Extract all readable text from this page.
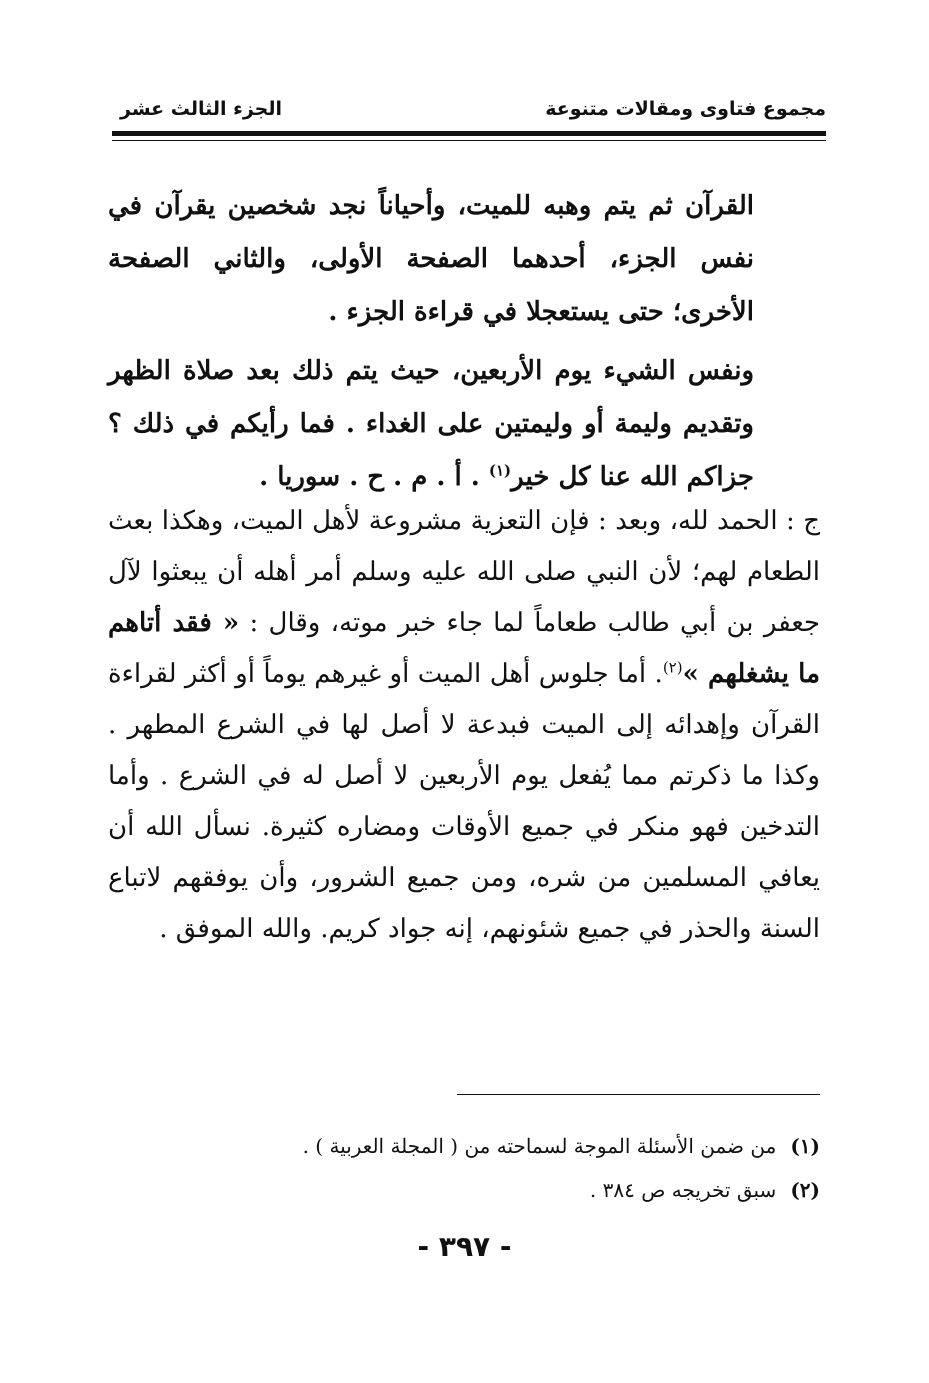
مجموع فتاوى ومقالات متنوعة
الجزء الثالث عشر

القرآن ثم يتم وهبه للميت، وأحياناً نجد شخصين يقرآن في نفس الجزء، أحدهما الصفحة الأولى، والثاني الصفحة الأخرى؛ حتى يستعجلا في قراءة الجزء .

ونفس الشيء يوم الأربعين، حيث يتم ذلك بعد صلاة الظهر وتقديم وليمة أو وليمتين على الغداء . فما رأيكم في ذلك ؟ جزاكم الله عنا كل خير$^{(١)}$ . أ . م . ح . سوريا .

ج : الحمد لله، وبعد : فإن التعزية مشروعة لأهل الميت، وهكذا بعث الطعام لهم؛ لأن النبي صلى الله عليه وسلم أمر أهله أن يبعثوا لآل جعفر بن أبي طالب طعاماً لما جاء خبر موته، وقال : « فقد أتاهم ما يشغلهم »$^{(٢)}$. أما جلوس أهل الميت أو غيرهم يوماً أو أكثر لقراءة القرآن وإهدائه إلى الميت فبدعة لا أصل لها في الشرع المطهر . وكذا ما ذكرتم مما يُفعل يوم الأربعين لا أصل له في الشرع . وأما التدخين فهو منكر في جميع الأوقات ومضاره كثيرة. نسأل الله أن يعافي المسلمين من شره، ومن جميع الشرور، وأن يوفقهم لاتباع السنة والحذر في جميع شئونهم، إنه جواد كريم. والله الموفق .

(١)من ضمن الأسئلة الموجة لسماحته من ( المجلة العربية ) .
(٢)سبق تخريجه ص ٣٨٤ .
- ٣٩٧ -
